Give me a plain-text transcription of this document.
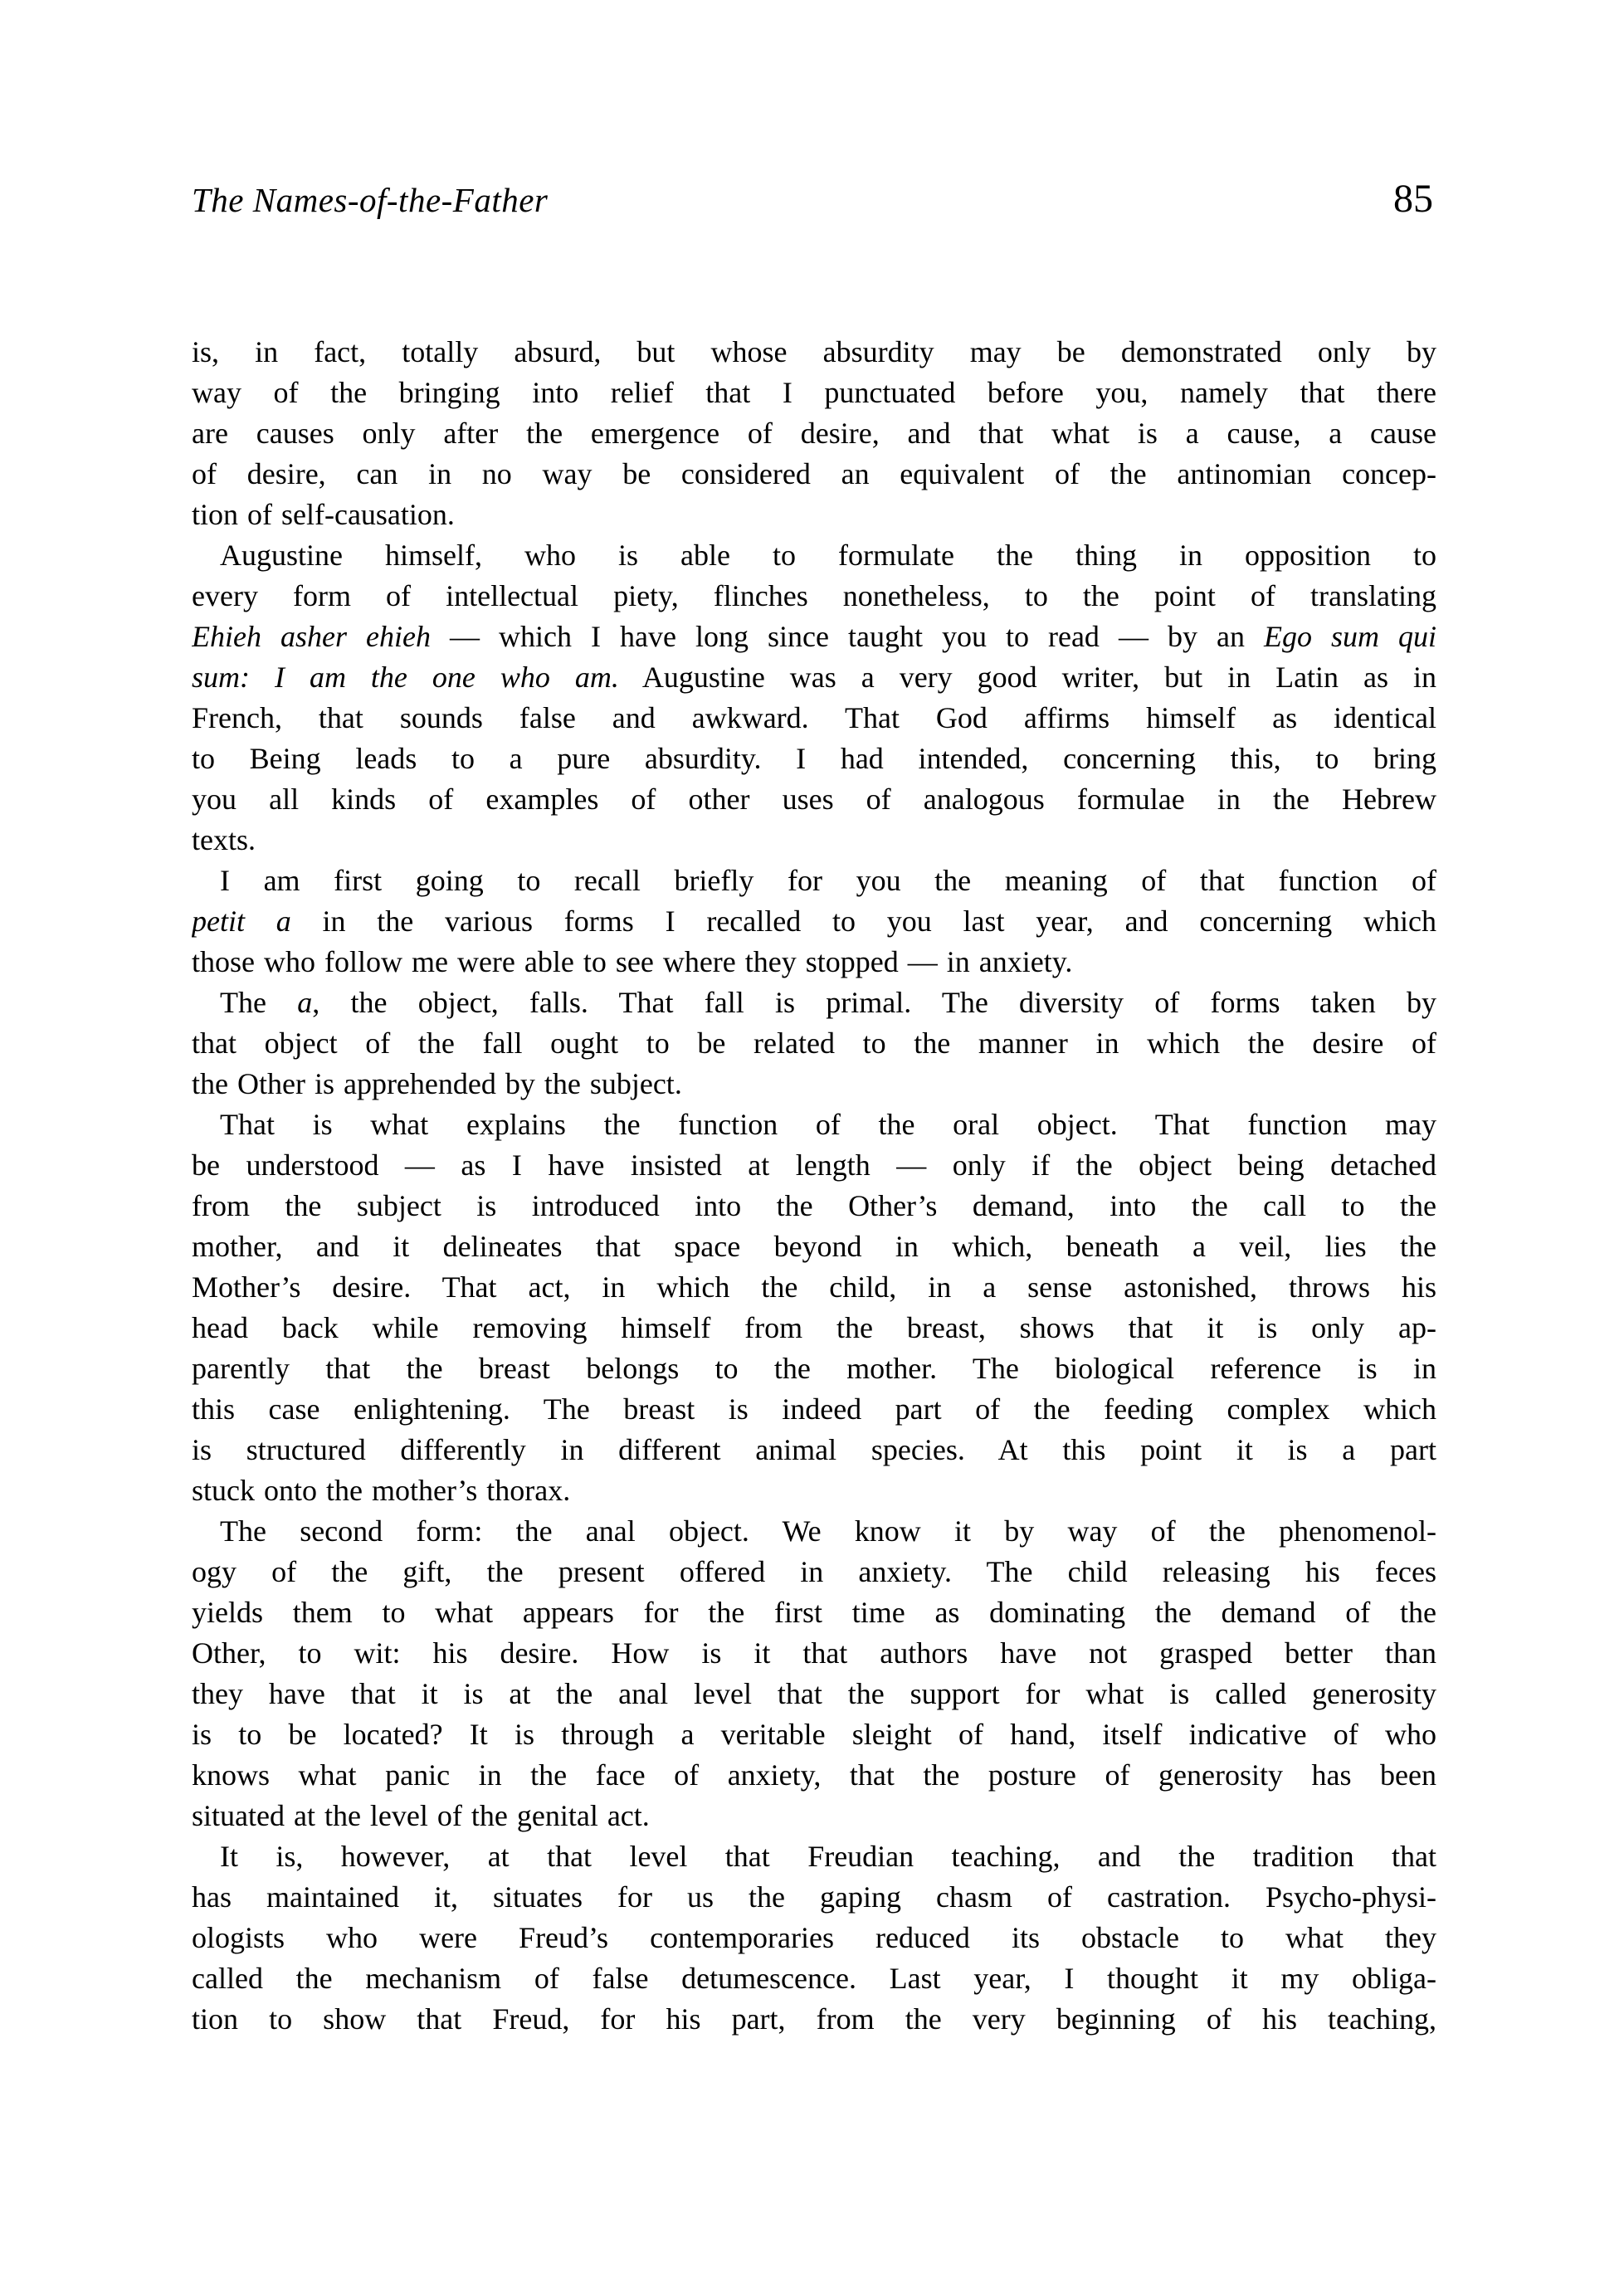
The Names-of-the-Father	85
is, in fact, totally absurd, but whose absurdity may be demonstrated only by
way of the bringing into relief that I punctuated before you, namely that there
are causes only after the emergence of desire, and that what is a cause, a cause
of desire, can in no way be considered an equivalent of the antinomian concep-
tion of self-causation.
Augustine himself, who is able to formulate the thing in opposition to
every form of intellectual piety, flinches nonetheless, to the point of translating
Ehieh asher ehieh — which I have long since taught you to read — by an Ego sum qui
sum: I am the one who am. Augustine was a very good writer, but in Latin as in
French, that sounds false and awkward. That God affirms himself as identical
to Being leads to a pure absurdity. I had intended, concerning this, to bring
you all kinds of examples of other uses of analogous formulae in the Hebrew
texts.
I am first going to recall briefly for you the meaning of that function of
petit a in the various forms I recalled to you last year, and concerning which
those who follow me were able to see where they stopped — in anxiety.
The a, the object, falls. That fall is primal. The diversity of forms taken by
that object of the fall ought to be related to the manner in which the desire of
the Other is apprehended by the subject.
That is what explains the function of the oral object. That function may
be understood — as I have insisted at length — only if the object being detached
from the subject is introduced into the Other’s demand, into the call to the
mother, and it delineates that space beyond in which, beneath a veil, lies the
Mother’s desire. That act, in which the child, in a sense astonished, throws his
head back while removing himself from the breast, shows that it is only ap-
parently that the breast belongs to the mother. The biological reference is in
this case enlightening. The breast is indeed part of the feeding complex which
is structured differently in different animal species. At this point it is a part
stuck onto the mother’s thorax.
The second form: the anal object. We know it by way of the phenomenol-
ogy of the gift, the present offered in anxiety. The child releasing his feces
yields them to what appears for the first time as dominating the demand of the
Other, to wit: his desire. How is it that authors have not grasped better than
they have that it is at the anal level that the support for what is called generosity
is to be located? It is through a veritable sleight of hand, itself indicative of who
knows what panic in the face of anxiety, that the posture of generosity has been
situated at the level of the genital act.
It is, however, at that level that Freudian teaching, and the tradition that
has maintained it, situates for us the gaping chasm of castration. Psycho-physi-
ologists who were Freud’s contemporaries reduced its obstacle to what they
called the mechanism of false detumescence. Last year, I thought it my obliga-
tion to show that Freud, for his part, from the very beginning of his teaching,
